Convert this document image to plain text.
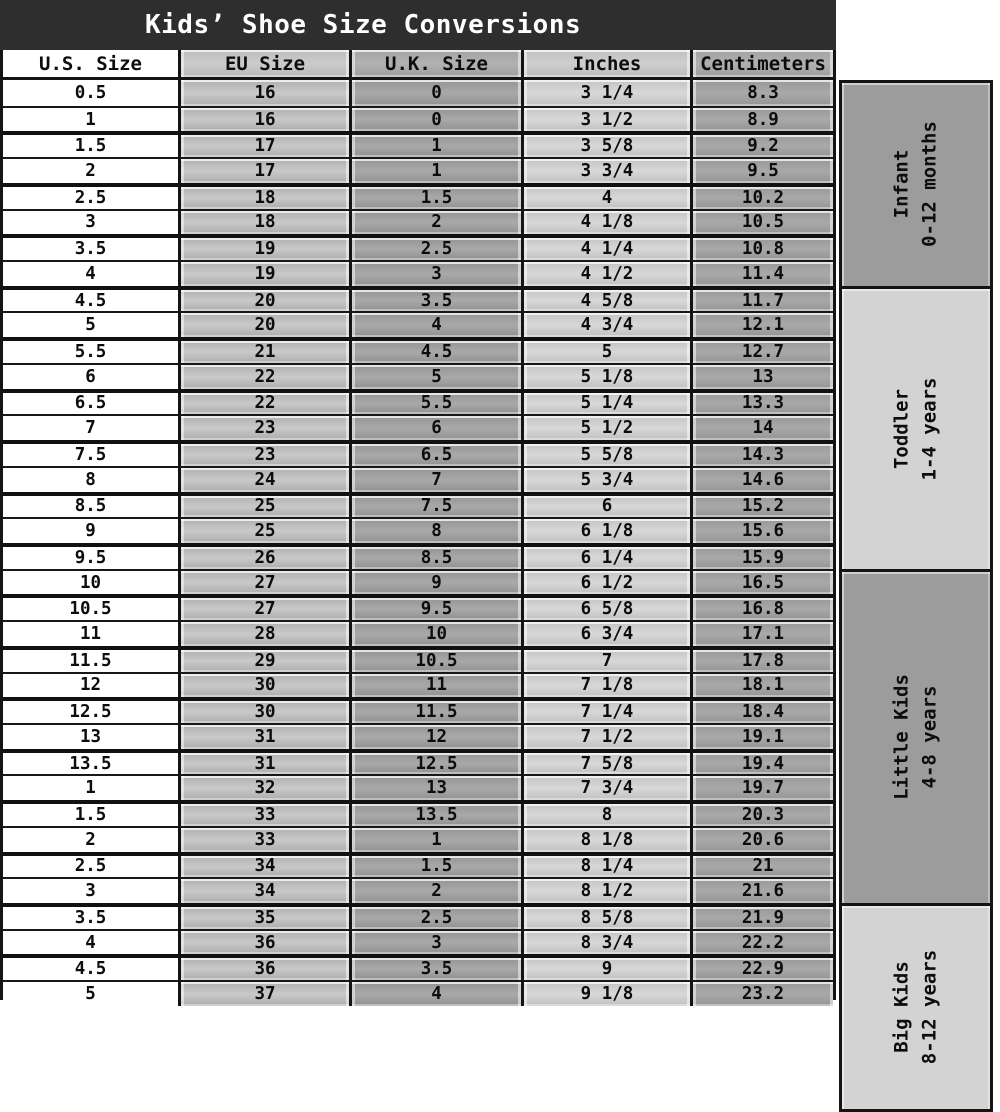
Kids’ Shoe Size Conversions
U.S. Size	EU Size	U.K. Size	Inches	Centimeters
0.5	16	0	3 1/4	8.3
1	16	0	3 1/2	8.9
1.5	17	1	3 5/8	9.2
2	17	1	3 3/4	9.5
2.5	18	1.5	4	10.2
3	18	2	4 1/8	10.5
3.5	19	2.5	4 1/4	10.8
4	19	3	4 1/2	11.4
4.5	20	3.5	4 5/8	11.7
5	20	4	4 3/4	12.1
5.5	21	4.5	5	12.7
6	22	5	5 1/8	13
6.5	22	5.5	5 1/4	13.3
7	23	6	5 1/2	14
7.5	23	6.5	5 5/8	14.3
8	24	7	5 3/4	14.6
8.5	25	7.5	6	15.2
9	25	8	6 1/8	15.6
9.5	26	8.5	6 1/4	15.9
10	27	9	6 1/2	16.5
10.5	27	9.5	6 5/8	16.8
11	28	10	6 3/4	17.1
11.5	29	10.5	7	17.8
12	30	11	7 1/8	18.1
12.5	30	11.5	7 1/4	18.4
13	31	12	7 1/2	19.1
13.5	31	12.5	7 5/8	19.4
1	32	13	7 3/4	19.7
1.5	33	13.5	8	20.3
2	33	1	8 1/8	20.6
2.5	34	1.5	8 1/4	21
3	34	2	8 1/2	21.6
3.5	35	2.5	8 5/8	21.9
4	36	3	8 3/4	22.2
4.5	36	3.5	9	22.9
5	37	4	9 1/8	23.2
Infant 0-12 months
Toddler 1-4 years
Little Kids 4-8 years
Big Kids 8-12 years
